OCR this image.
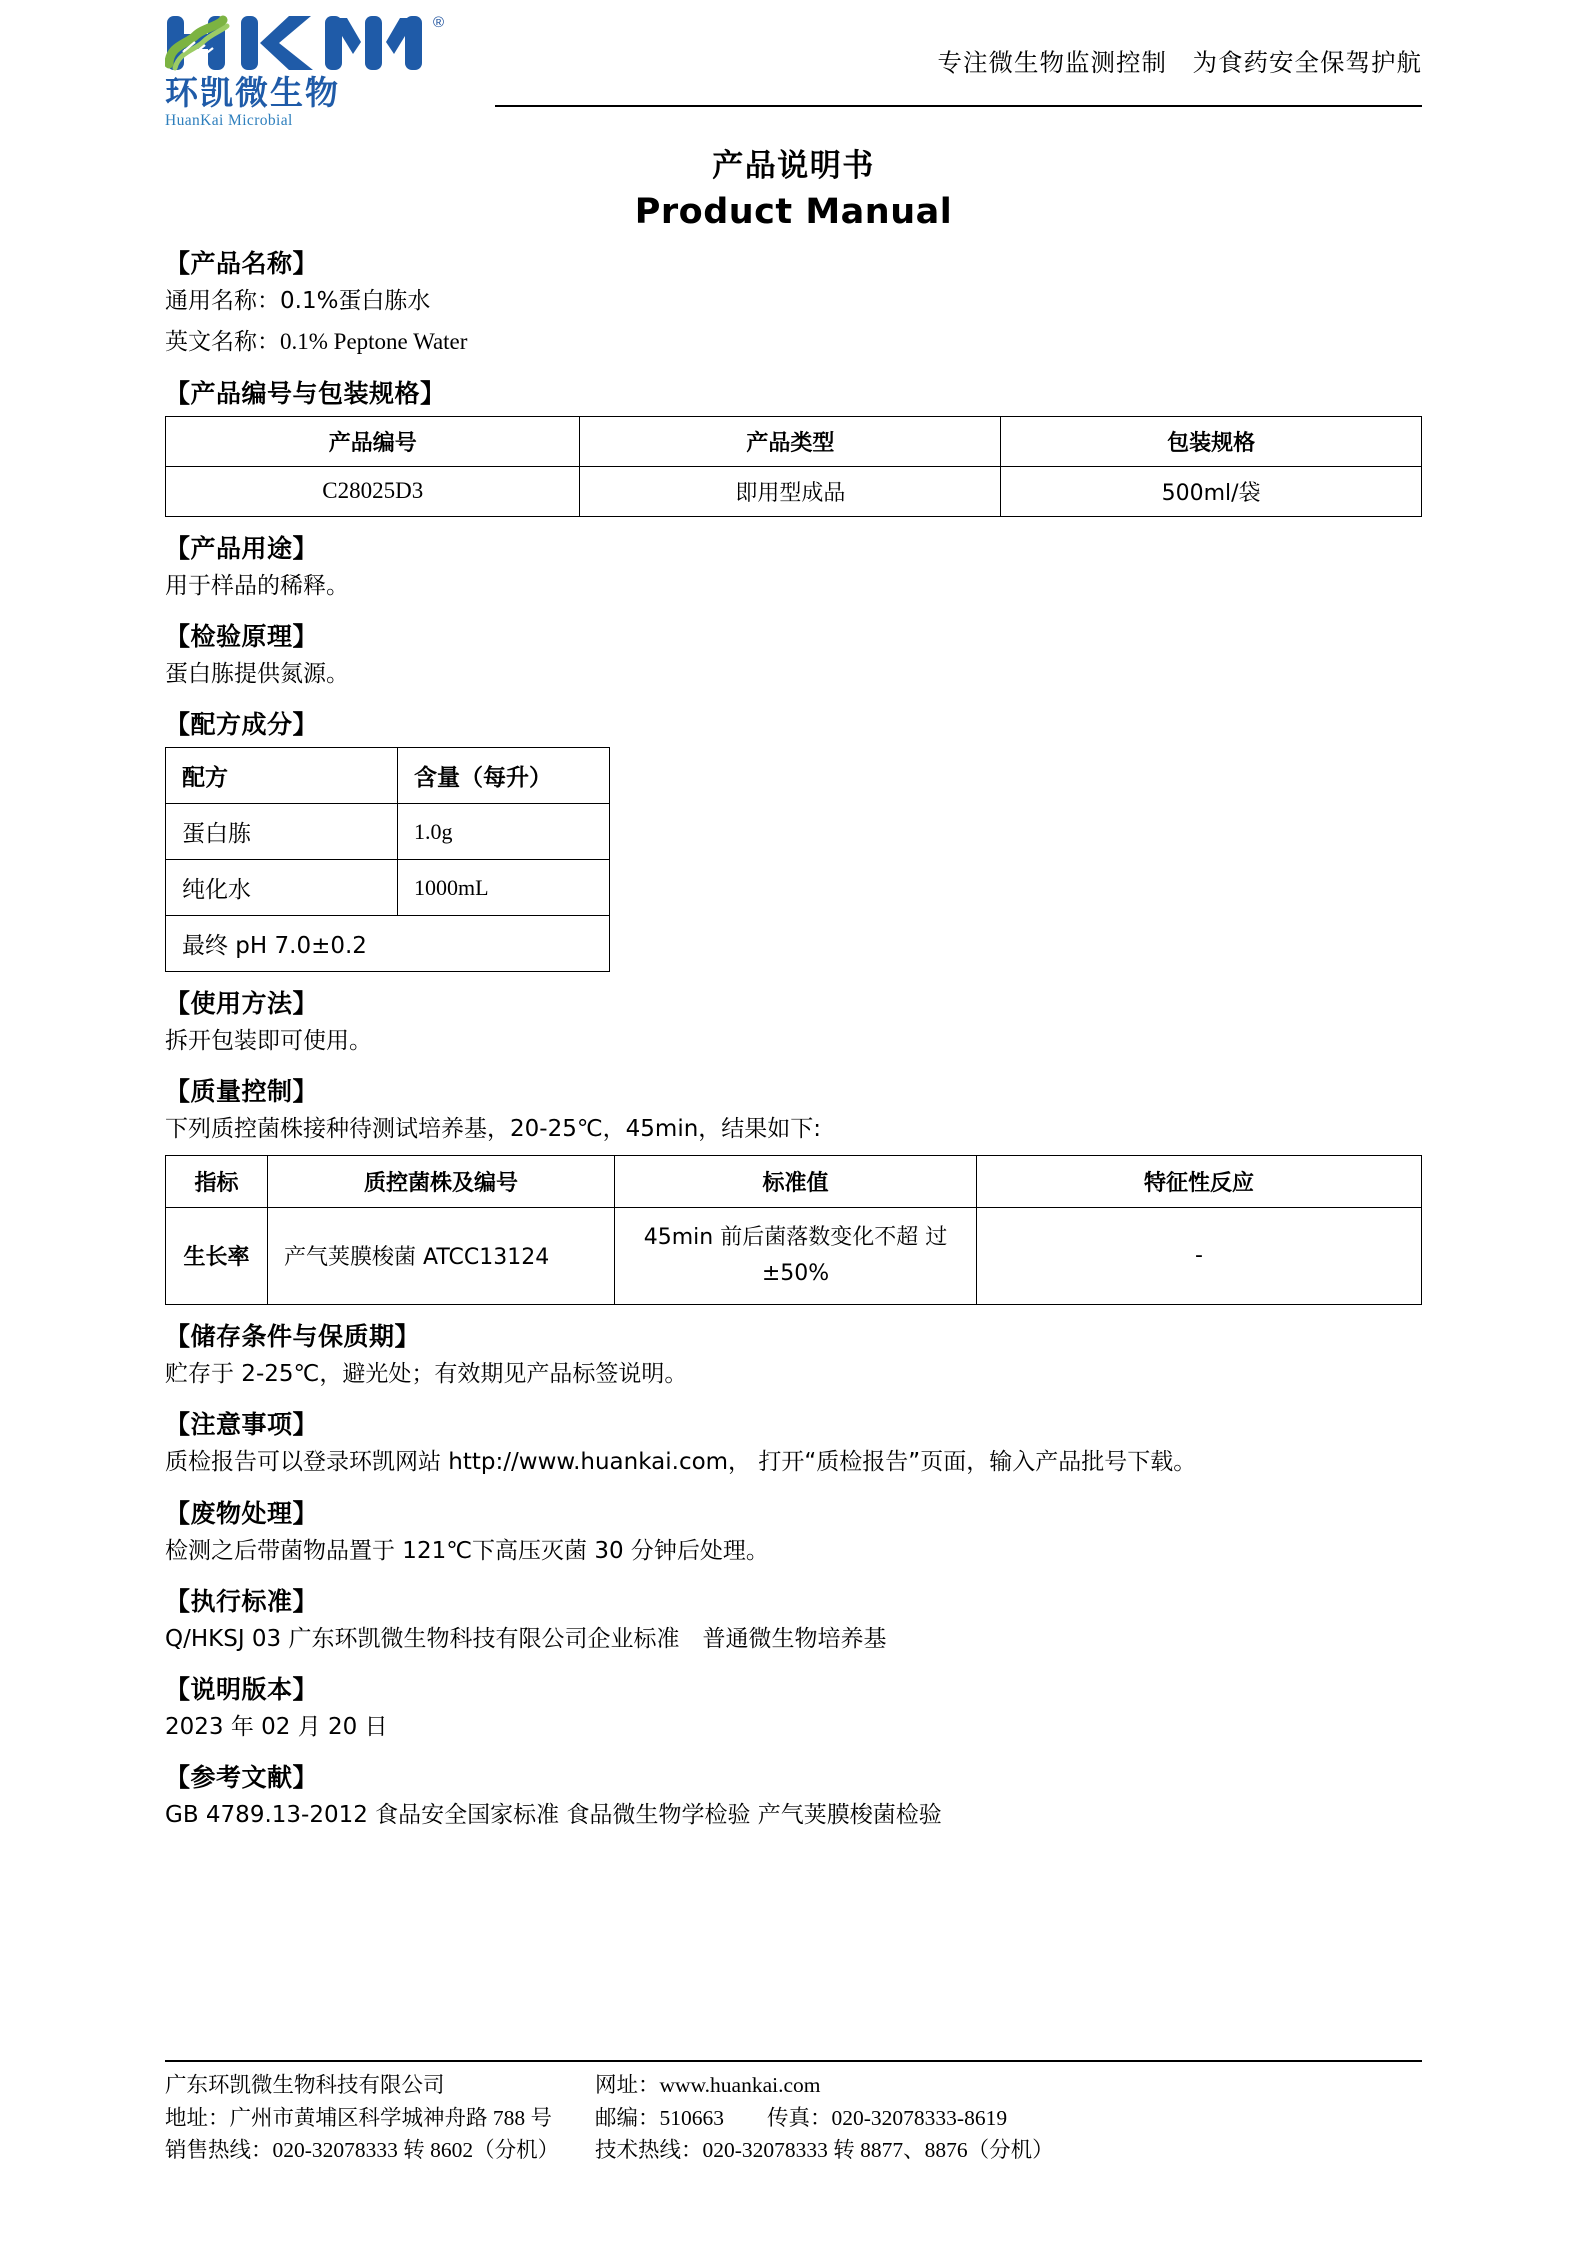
®
环凯微生物
HuanKai Microbial
专注微生物监测控制　为食药安全保驾护航
产品说明书
Product Manual
【产品名称】
通用名称：0.1%蛋白胨水
英文名称：0.1% Peptone Water
【产品编号与包装规格】
产品编号	产品类型	包装规格
C28025D3	即用型成品	500ml/袋
【产品用途】
用于样品的稀释。
【检验原理】
蛋白胨提供氮源。
【配方成分】
配方	含量（每升）
蛋白胨	1.0g
纯化水	1000mL
最终 pH 7.0±0.2	
【使用方法】
拆开包装即可使用。
【质量控制】
下列质控菌株接种待测试培养基，20-25℃，45min，结果如下:
指标	质控菌株及编号	标准值	特征性反应
生长率	产气荚膜梭菌 ATCC13124	45min 前后菌落数变化不超 过±50%	-
【储存条件与保质期】
贮存于 2-25℃，避光处；有效期见产品标签说明。
【注意事项】
质检报告可以登录环凯网站 http://www.huankai.com， 打开“质检报告”页面，输入产品批号下载。
【废物处理】
检测之后带菌物品置于 121℃下高压灭菌 30 分钟后处理。
【执行标准】
Q/HKSJ 03 广东环凯微生物科技有限公司企业标准　普通微生物培养基
【说明版本】
2023 年 02 月 20 日
【参考文献】
GB 4789.13-2012 食品安全国家标准 食品微生物学检验 产气荚膜梭菌检验
广东环凯微生物科技有限公司
地址：广州市黄埔区科学城神舟路 788 号
销售热线：020-32078333 转 8602（分机）
网址：www.huankai.com
邮编：510663　　传真：020-32078333-8619
技术热线：020-32078333 转 8877、8876（分机）
